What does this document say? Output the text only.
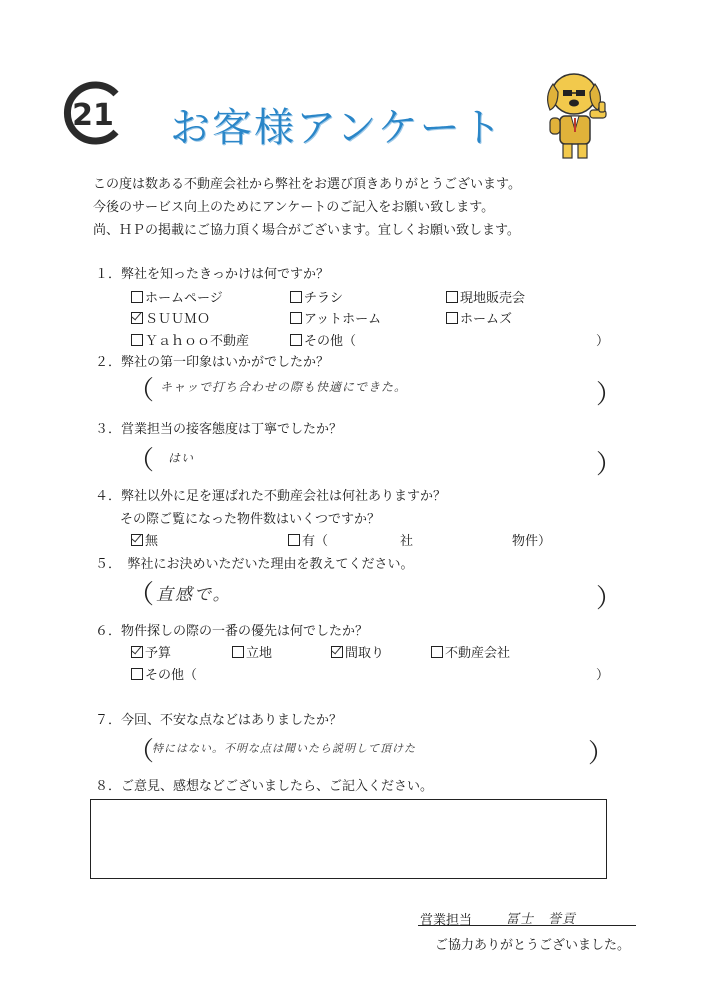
21 お客様アンケート
この度は数ある不動産会社から弊社をお選び頂きありがとうございます。
今後のサービス向上のためにアンケートのご記入をお願い致します。
尚、ＨＰの掲載にご協力頂く場合がございます。宜しくお願い致します。
１．弊社を知ったきっかけは何ですか？
ホームページ	チラシ	現地販売会
ＳＵＵＭＯ	アットホーム	ホームズ
Ｙａｈｏｏ不動産	その他（	）
２．弊社の第一印象はいかがでしたか？
（ キャッで打ち合わせの際も快適にできた。	）
３．営業担当の接客態度は丁寧でしたか？
（ はい	）
４．弊社以外に足を運ばれた不動産会社は何社ありますか？
その際ご覧になった物件数はいくつですか？
無	有（	社	物件）
５．　弊社にお決めいただいた理由を教えてください。
（ 直感で。	）
６．物件探しの際の一番の優先は何でしたか？
予算	立地	間取り	不動産会社
その他（	）
７．今回、不安な点などはありましたか？
（
特にはない。不明な点は聞いたら説明して頂けた	）
８．ご意見、感想などございましたら、ご記入ください。
営業担当	冨士　誉貢
ご協力ありがとうございました。
